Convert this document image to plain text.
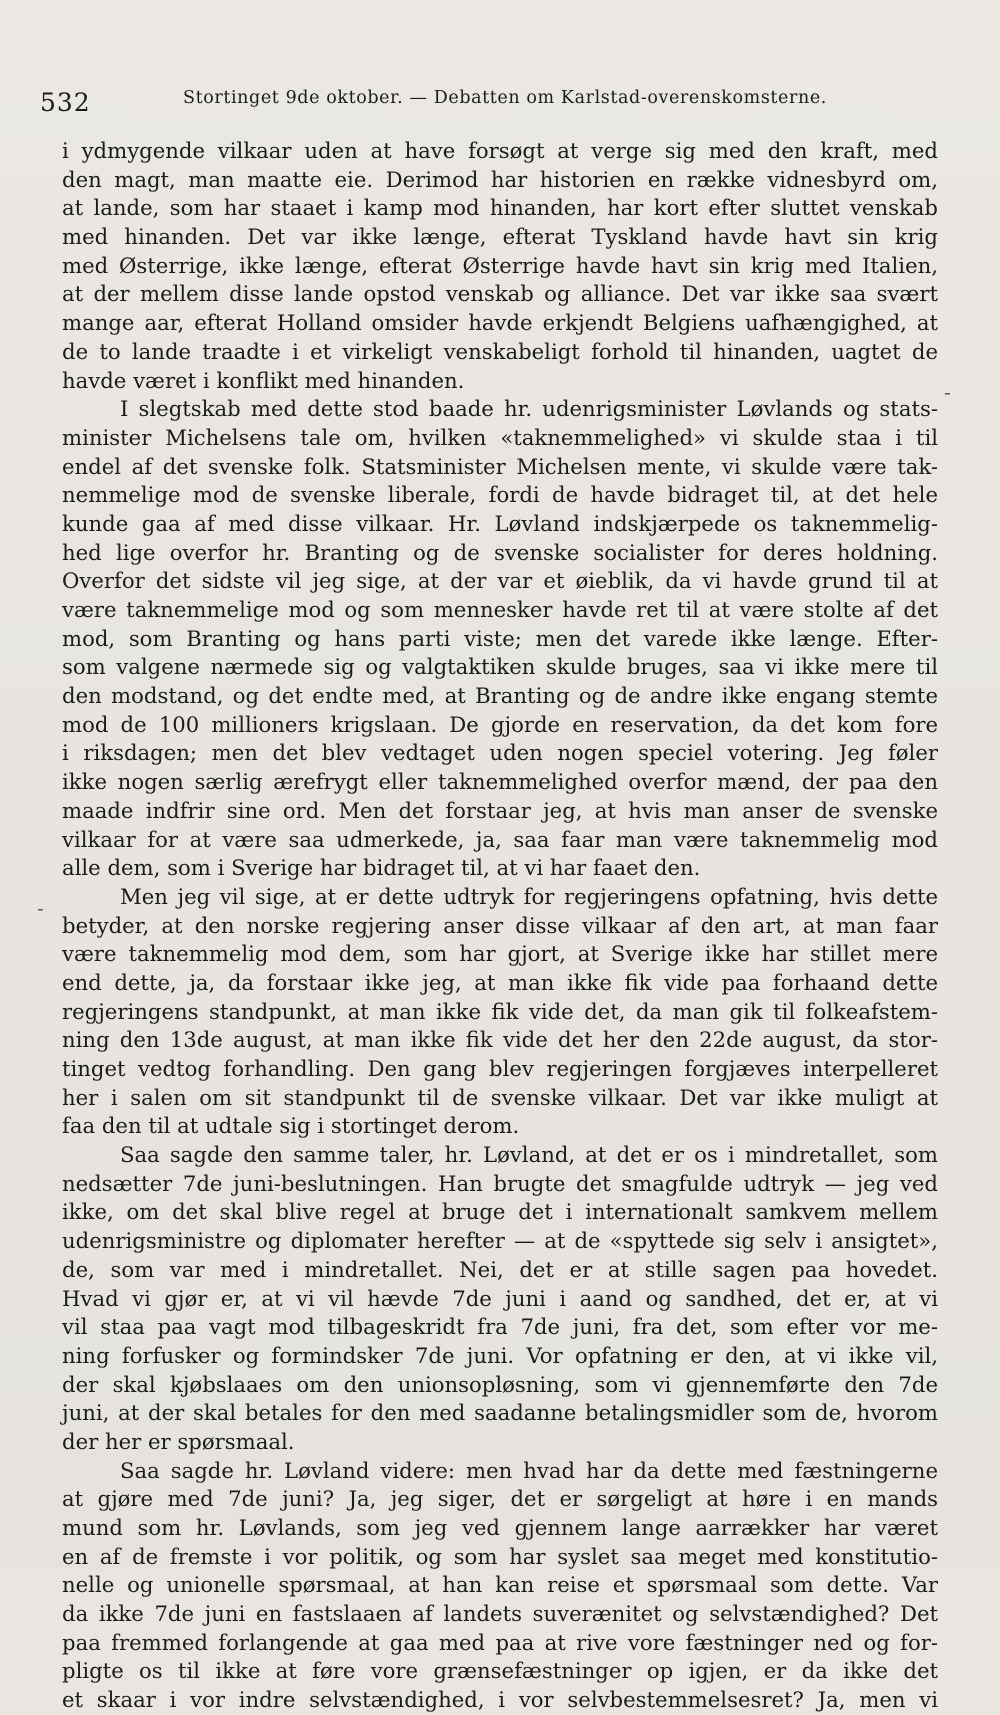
532	Stortinget 9de oktober. — Debatten om Karlstad-overenskomsterne.
i ydmygende vilkaar uden at have forsøgt at verge sig med den kraft, med
den magt, man maatte eie. Derimod har historien en række vidnesbyrd om,
at lande, som har staaet i kamp mod hinanden, har kort efter sluttet venskab
med hinanden. Det var ikke længe, efterat Tyskland havde havt sin krig
med Østerrige, ikke længe, efterat Østerrige havde havt sin krig med Italien,
at der mellem disse lande opstod venskab og alliance. Det var ikke saa svært
mange aar, efterat Holland omsider havde erkjendt Belgiens uafhængighed, at
de to lande traadte i et virkeligt venskabeligt forhold til hinanden, uagtet de
havde været i konflikt med hinanden.
I slegtskab med dette stod baade hr. udenrigsminister Løvlands og stats-
minister Michelsens tale om, hvilken «taknemmelighed» vi skulde staa i til
endel af det svenske folk. Statsminister Michelsen mente, vi skulde være tak-
nemmelige mod de svenske liberale, fordi de havde bidraget til, at det hele
kunde gaa af med disse vilkaar. Hr. Løvland indskjærpede os taknemmelig-
hed lige overfor hr. Branting og de svenske socialister for deres holdning.
Overfor det sidste vil jeg sige, at der var et øieblik, da vi havde grund til at
være taknemmelige mod og som mennesker havde ret til at være stolte af det
mod, som Branting og hans parti viste; men det varede ikke længe. Efter-
som valgene nærmede sig og valgtaktiken skulde bruges, saa vi ikke mere til
den modstand, og det endte med, at Branting og de andre ikke engang stemte
mod de 100 millioners krigslaan. De gjorde en reservation, da det kom fore
i riksdagen; men det blev vedtaget uden nogen speciel votering. Jeg føler
ikke nogen særlig ærefrygt eller taknemmelighed overfor mænd, der paa den
maade indfrir sine ord. Men det forstaar jeg, at hvis man anser de svenske
vilkaar for at være saa udmerkede, ja, saa faar man være taknemmelig mod
alle dem, som i Sverige har bidraget til, at vi har faaet den.
Men jeg vil sige, at er dette udtryk for regjeringens opfatning, hvis dette
betyder, at den norske regjering anser disse vilkaar af den art, at man faar
være taknemmelig mod dem, som har gjort, at Sverige ikke har stillet mere
end dette, ja, da forstaar ikke jeg, at man ikke fik vide paa forhaand dette
regjeringens standpunkt, at man ikke fik vide det, da man gik til folkeafstem-
ning den 13de august, at man ikke fik vide det her den 22de august, da stor-
tinget vedtog forhandling. Den gang blev regjeringen forgjæves interpelleret
her i salen om sit standpunkt til de svenske vilkaar. Det var ikke muligt at
faa den til at udtale sig i stortinget derom.
Saa sagde den samme taler, hr. Løvland, at det er os i mindretallet, som
nedsætter 7de juni-beslutningen. Han brugte det smagfulde udtryk — jeg ved
ikke, om det skal blive regel at bruge det i internationalt samkvem mellem
udenrigsministre og diplomater herefter — at de «spyttede sig selv i ansigtet»,
de, som var med i mindretallet. Nei, det er at stille sagen paa hovedet.
Hvad vi gjør er, at vi vil hævde 7de juni i aand og sandhed, det er, at vi
vil staa paa vagt mod tilbageskridt fra 7de juni, fra det, som efter vor me-
ning forfusker og formindsker 7de juni. Vor opfatning er den, at vi ikke vil,
der skal kjøbslaaes om den unionsopløsning, som vi gjennemførte den 7de
juni, at der skal betales for den med saadanne betalingsmidler som de, hvorom
der her er spørsmaal.
Saa sagde hr. Løvland videre: men hvad har da dette med fæstningerne
at gjøre med 7de juni? Ja, jeg siger, det er sørgeligt at høre i en mands
mund som hr. Løvlands, som jeg ved gjennem lange aarrækker har været
en af de fremste i vor politik, og som har syslet saa meget med konstitutio-
nelle og unionelle spørsmaal, at han kan reise et spørsmaal som dette. Var
da ikke 7de juni en fastslaaen af landets suverænitet og selvstændighed? Det
paa fremmed forlangende at gaa med paa at rive vore fæstninger ned og for-
pligte os til ikke at føre vore grænsefæstninger op igjen, er da ikke det
et skaar i vor indre selvstændighed, i vor selvbestemmelsesret? Ja, men vi
-
-
